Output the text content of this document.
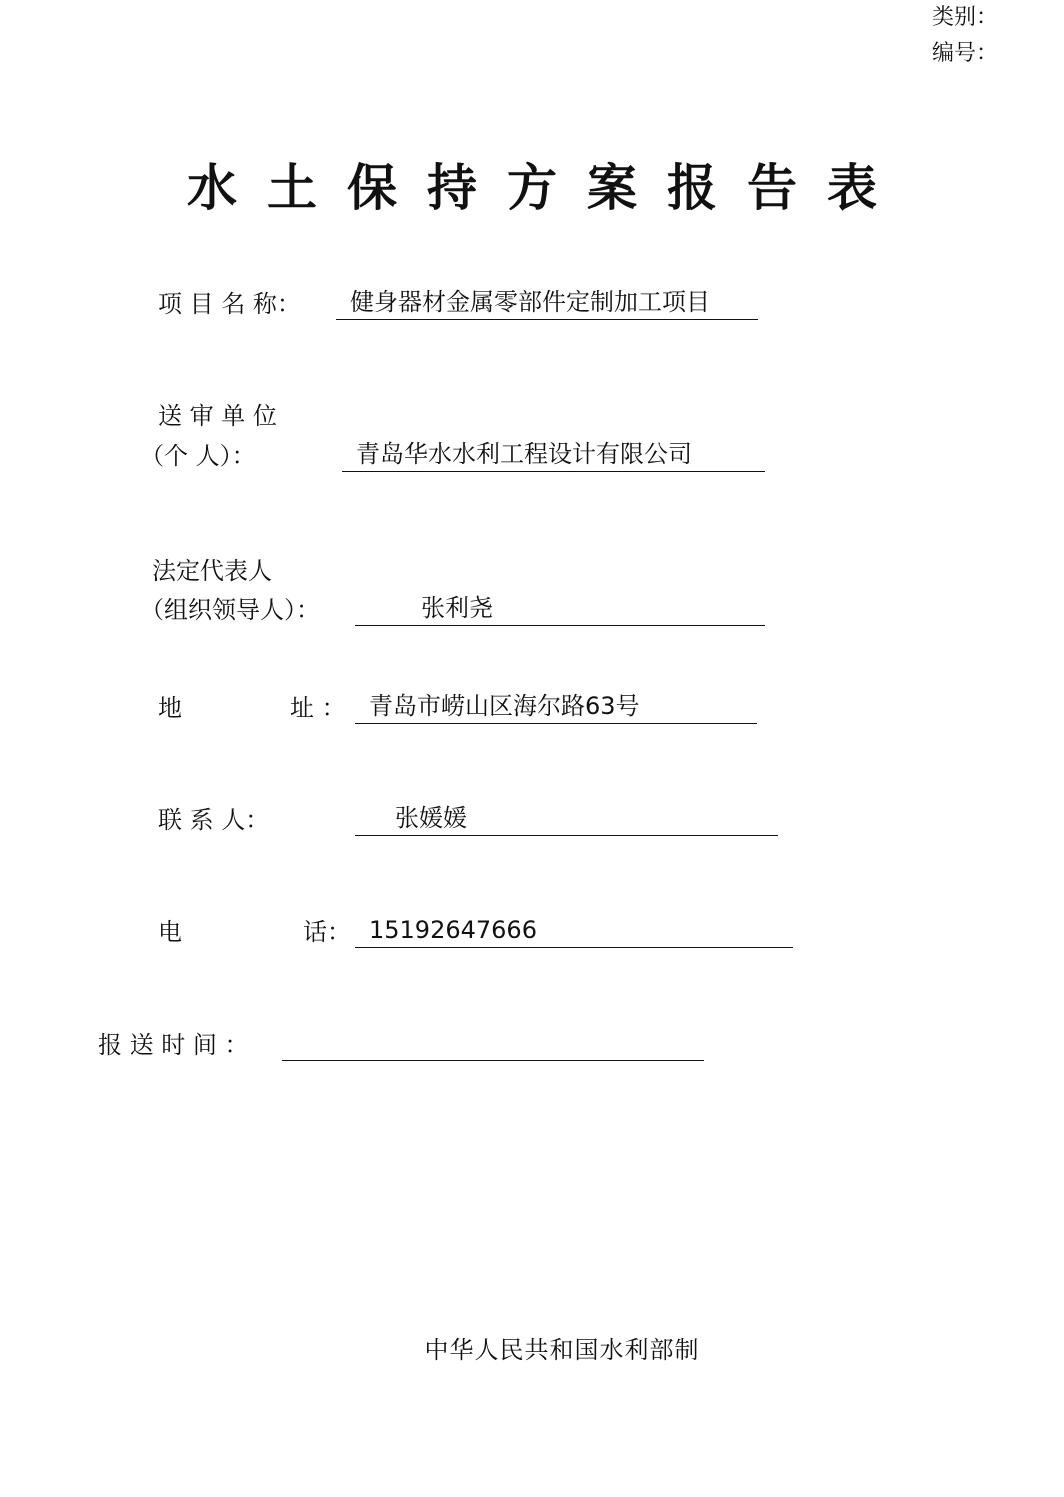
类别：
编号：
水土保持方案报告表
项 目 名 称：	健身器材金属零部件定制加工项目
送 审 单 位
（个 人）：	青岛华水水利工程设计有限公司
法定代表人
（组织领导人）：	张利尧
地	址 ： 青岛市崂山区海尔路63号
联 系 人：	张媛媛
电	话： 15192647666
报 送 时 间 ：
中华人民共和国水利部制
